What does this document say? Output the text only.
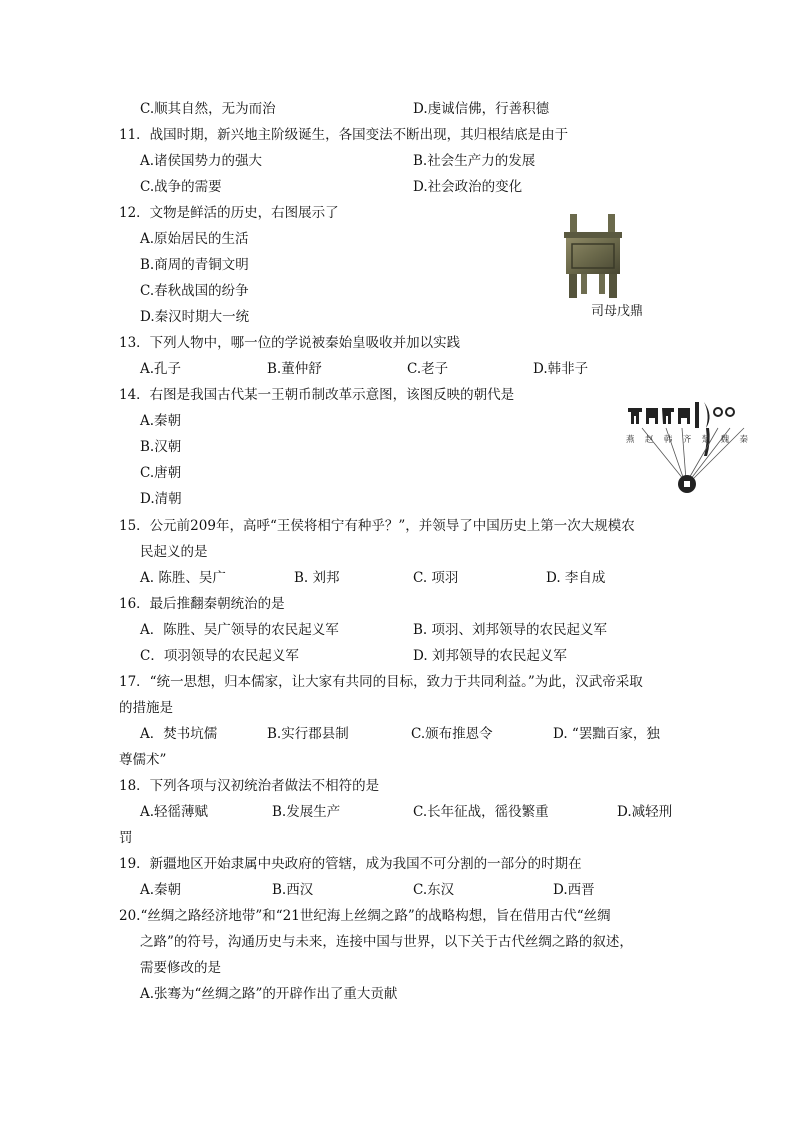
C.顺其自然，无为而治	D.虔诚信佛，行善积德
11．战国时期，新兴地主阶级诞生，各国变法不断出现，其归根结底是由于
A.诸侯国势力的强大	B.社会生产力的发展
C.战争的需要	D.社会政治的变化
12．文物是鲜活的历史，右图展示了
A.原始居民的生活
B.商周的青铜文明
C.春秋战国的纷争
D.秦汉时期大一统	司母戊鼎
13．下列人物中，哪一位的学说被秦始皇吸收并加以实践
A.孔子	B.董仲舒	C.老子	D.韩非子
14．右图是我国古代某一王朝币制改革示意图，该图反映的朝代是
A.秦朝
B.汉朝
C.唐朝
D.清朝
燕 赵 韩 齐 楚 魏 秦
15．公元前209年，高呼“王侯将相宁有种乎？”，并领导了中国历史上第一次大规模农
民起义的是
A. 陈胜、吴广	B. 刘邦	C. 项羽	D. 李自成
16．最后推翻秦朝统治的是
A．陈胜、吴广领导的农民起义军	B. 项羽、刘邦领导的农民起义军
C．项羽领导的农民起义军	D. 刘邦领导的农民起义军
17．“统一思想，归本儒家，让大家有共同的目标，致力于共同利益。”为此，汉武帝采取
的措施是
A．焚书坑儒	B.实行郡县制	C.颁布推恩令	D. “罢黜百家，独
尊儒术”
18．下列各项与汉初统治者做法不相符的是
A.轻徭薄赋	B.发展生产	C.长年征战，徭役繁重	D.减轻刑
罚
19．新疆地区开始隶属中央政府的管辖，成为我国不可分割的一部分的时期在
A.秦朝	B.西汉	C.东汉	D.西晋
20.“丝绸之路经济地带”和“21世纪海上丝绸之路”的战略构想，旨在借用古代“丝绸
之路”的符号，沟通历史与未来，连接中国与世界，以下关于古代丝绸之路的叙述，
需要修改的是
A.张骞为“丝绸之路”的开辟作出了重大贡献
